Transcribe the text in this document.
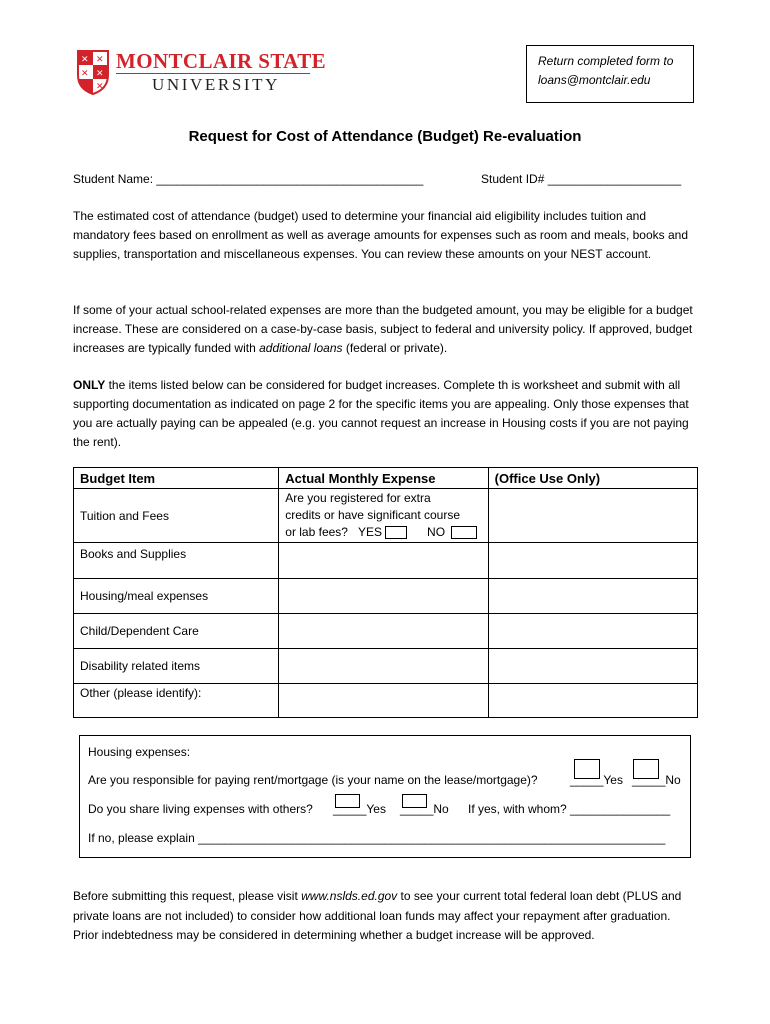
✕ ✕
✕ ✕
✕
MONTCLAIR STATE
UNIVERSITY
Return completed form to
loans@montclair.edu
Request for Cost of Attendance (Budget) Re-evaluation
Student Name: ________________________________________	Student ID# ____________________
The estimated cost of attendance (budget) used to determine your financial aid eligibility includes tuition and mandatory fees based on enrollment as well as average amounts for expenses such as room and meals, books and supplies, transportation and miscellaneous expenses. You can review these amounts on your NEST account.
If some of your actual school-related expenses are more than the budgeted amount, you may be eligible for a budget increase. These are considered on a case-by-case basis, subject to federal and university policy. If approved, budget increases are typically funded with additional loans (federal or private).
ONLY the items listed below can be considered for budget increases. Complete th is worksheet and submit with all supporting documentation as indicated on page 2 for the specific items you are appealing. Only those expenses that you are actually paying can be appealed (e.g. you cannot request an increase in Housing costs if you are not paying the rent).
Budget Item	Actual Monthly Expense	(Office Use Only)
Tuition and Fees	Are you registered for extra
credits or have significant course
or lab fees? YES NO	

Books and Supplies		
Housing/meal expenses		
Child/Dependent Care		
Disability related items		
Other (please identify):		
Housing expenses:
Are you responsible for paying rent/mortgage (is your name on the lease/mortgage)?	_____Yes _____No
Do you share living expenses with others? _____Yes _____No If yes, with whom? _______________
If no, please explain ______________________________________________________________________
Before submitting this request, please visit www.nslds.ed.gov to see your current total federal loan debt (PLUS and private loans are not included) to consider how additional loan funds may affect your repayment after graduation. Prior indebtedness may be considered in determining whether a budget increase will be approved.
